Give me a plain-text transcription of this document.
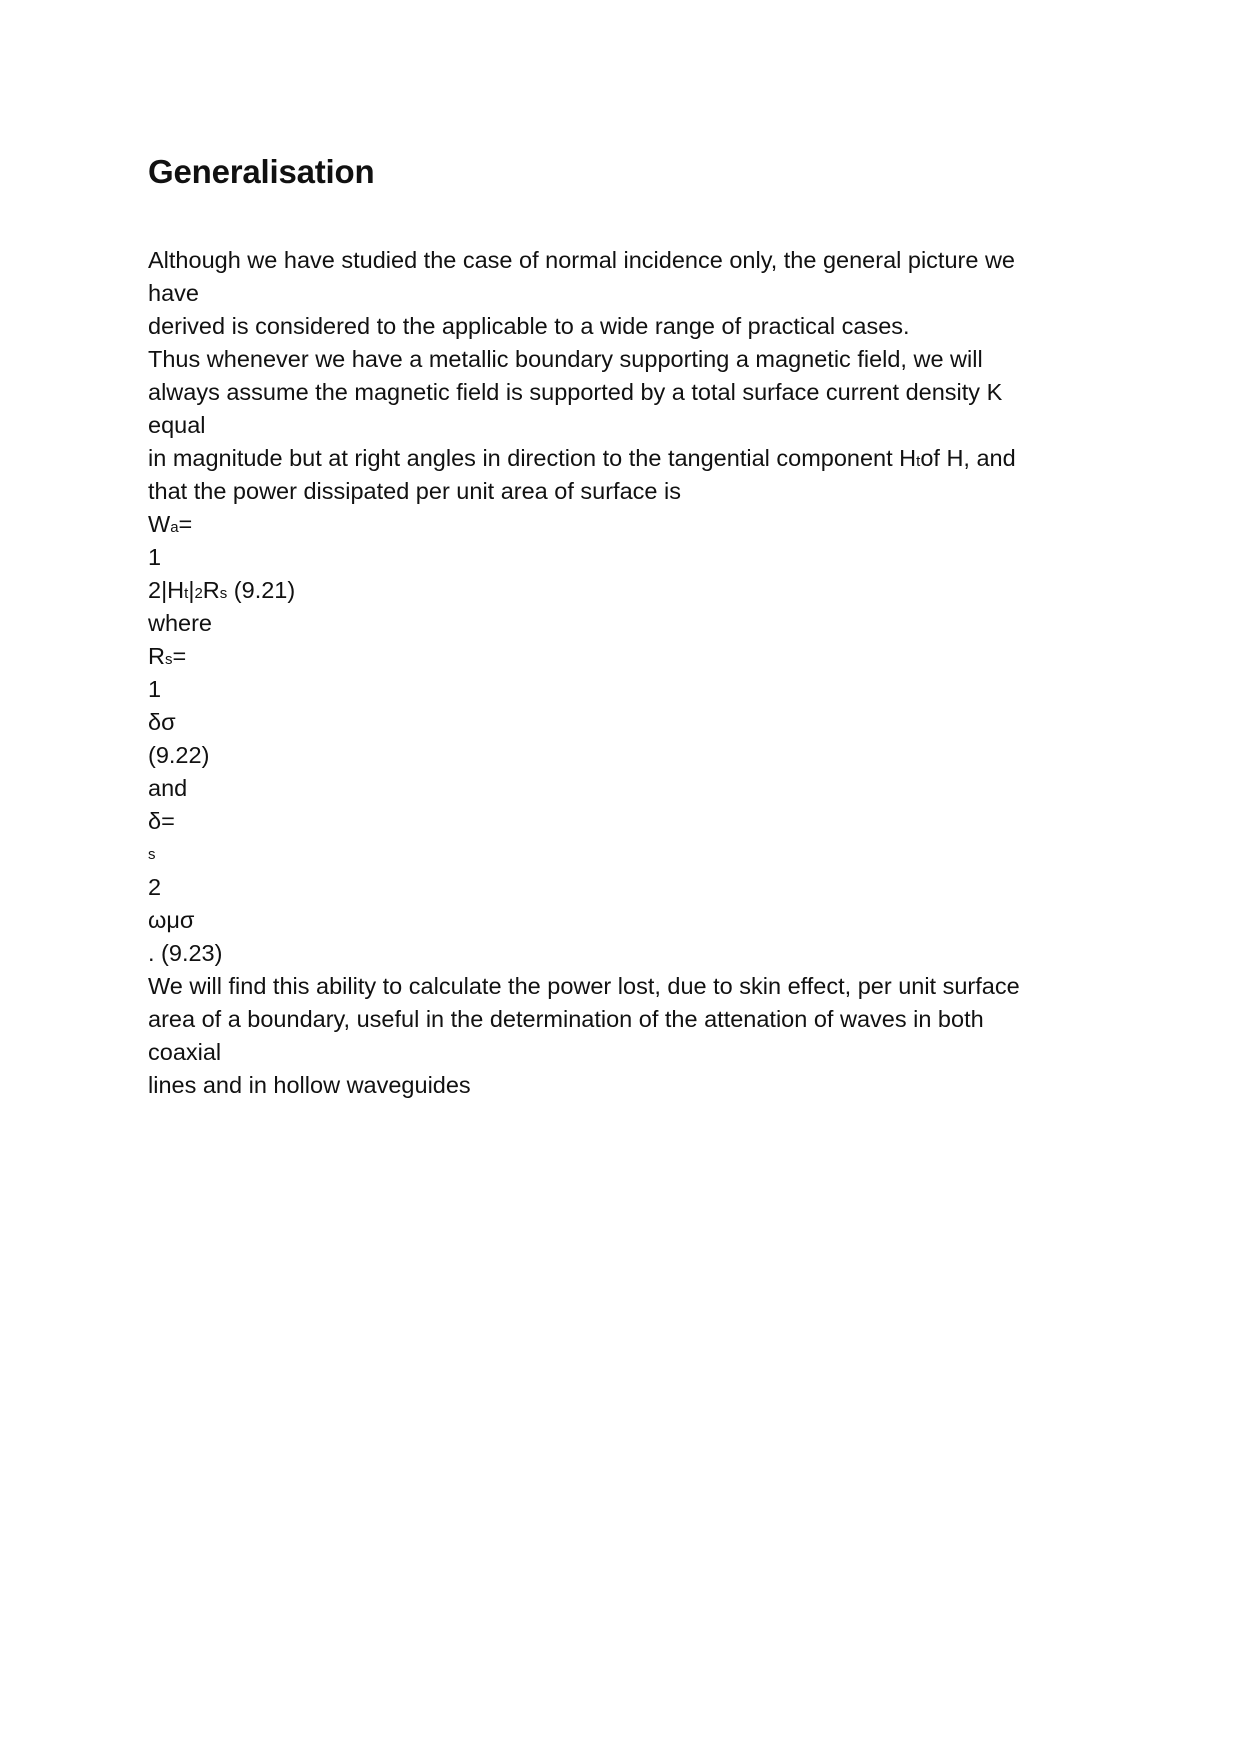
Generalisation
Although we have studied the case of normal incidence only, the general picture we
have
derived is considered to the applicable to a wide range of practical cases.
Thus whenever we have a metallic boundary supporting a magnetic field, we will
always assume the magnetic field is supported by a total surface current density K
equal
in magnitude but at right angles in direction to the tangential component Htof H, and
that the power dissipated per unit area of surface is
Wa=
1
2|Ht|2Rs (9.21)
where
Rs=
1
δσ
(9.22)
and
δ=
s
2
ωμσ
. (9.23)
We will find this ability to calculate the power lost, due to skin effect, per unit surface
area of a boundary, useful in the determination of the attenation of waves in both
coaxial
lines and in hollow waveguides
